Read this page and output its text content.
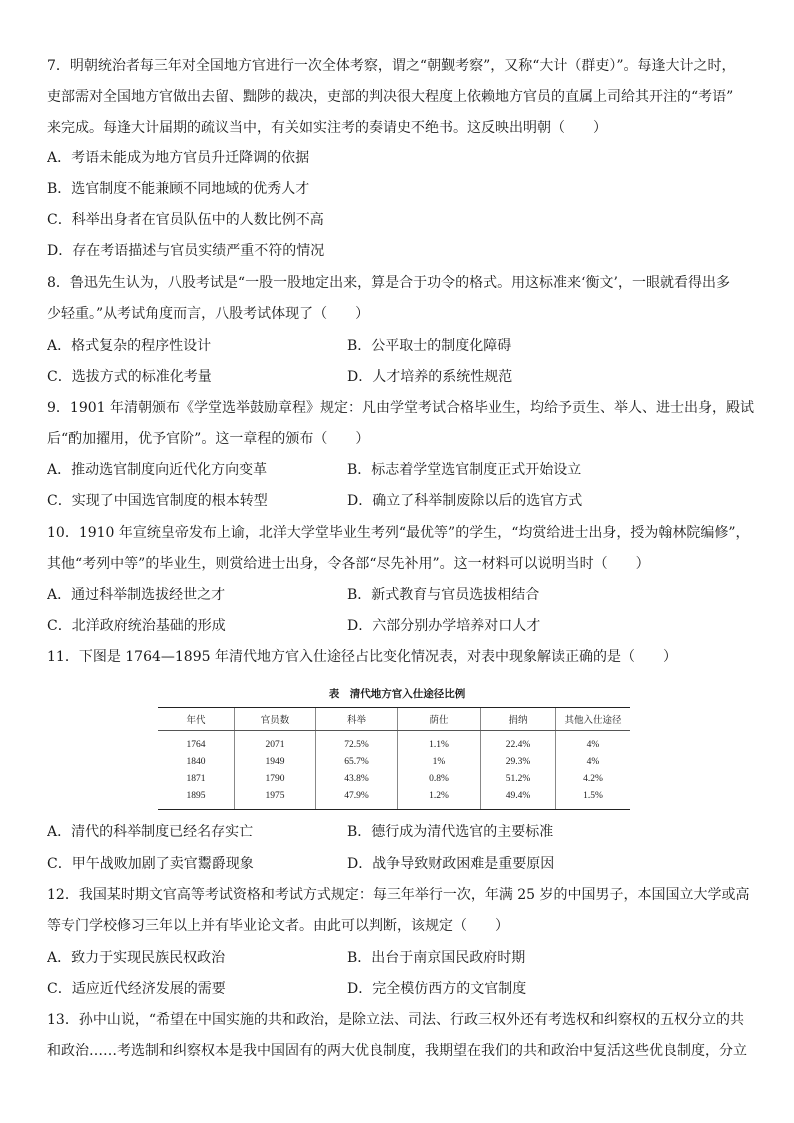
7．明朝统治者每三年对全国地方官进行一次全体考察，谓之“朝觐考察”，又称“大计（群吏）”。每逢大计之时，
吏部需对全国地方官做出去留、黜陟的裁决，吏部的判决很大程度上依赖地方官员的直属上司给其开注的“考语”
来完成。每逢大计届期的疏议当中，有关如实注考的奏请史不绝书。这反映出明朝（　　）
A．考语未能成为地方官员升迁降调的依据
B．选官制度不能兼顾不同地域的优秀人才
C．科举出身者在官员队伍中的人数比例不高
D．存在考语描述与官员实绩严重不符的情况
8．鲁迅先生认为，八股考试是“一股一股地定出来，算是合于功令的格式。用这标准来‘衡文’，一眼就看得出多
少轻重。”从考试角度而言，八股考试体现了（　　）
A．格式复杂的程序性设计	B．公平取士的制度化障碍
C．选拔方式的标准化考量	D．人才培养的系统性规范
9．1901 年清朝颁布《学堂选举鼓励章程》规定：凡由学堂考试合格毕业生，均给予贡生、举人、进士出身，殿试
后“酌加擢用，优予官阶”。这一章程的颁布（　　）
A．推动选官制度向近代化方向变革	B．标志着学堂选官制度正式开始设立
C．实现了中国选官制度的根本转型	D．确立了科举制废除以后的选官方式
10．1910 年宣统皇帝发布上谕，北洋大学堂毕业生考列“最优等”的学生，“均赏给进士出身，授为翰林院编修”，
其他“考列中等”的毕业生，则赏给进士出身，令各部“尽先补用”。这一材料可以说明当时（　　）
A．通过科举制选拔经世之才	B．新式教育与官员选拔相结合
C．北洋政府统治基础的形成	D．六部分别办学培养对口人才
11．下图是 1764—1895 年清代地方官入仕途径占比变化情况表，对表中现象解读正确的是（　　）
表　清代地方官入仕途径比例
年代	官员数	科举	荫仕	捐纳	其他入仕途径
1764	2071	72.5%	1.1%	22.4%	4%
1840	1949	65.7%	1%	29.3%	4%
1871	1790	43.8%	0.8%	51.2%	4.2%
1895	1975	47.9%	1.2%	49.4%	1.5%
A．清代的科举制度已经名存实亡	B．德行成为清代选官的主要标准
C．甲午战败加剧了卖官鬻爵现象	D．战争导致财政困难是重要原因
12．我国某时期文官高等考试资格和考试方式规定：每三年举行一次，年满 25 岁的中国男子，本国国立大学或高
等专门学校修习三年以上并有毕业论文者。由此可以判断，该规定（　　）
A．致力于实现民族民权政治	B．出台于南京国民政府时期
C．适应近代经济发展的需要	D．完全模仿西方的文官制度
13．孙中山说，“希望在中国实施的共和政治，是除立法、司法、行政三权外还有考选权和纠察权的五权分立的共
和政治……考选制和纠察权本是我中国固有的两大优良制度，我期望在我们的共和政治中复活这些优良制度，分立
